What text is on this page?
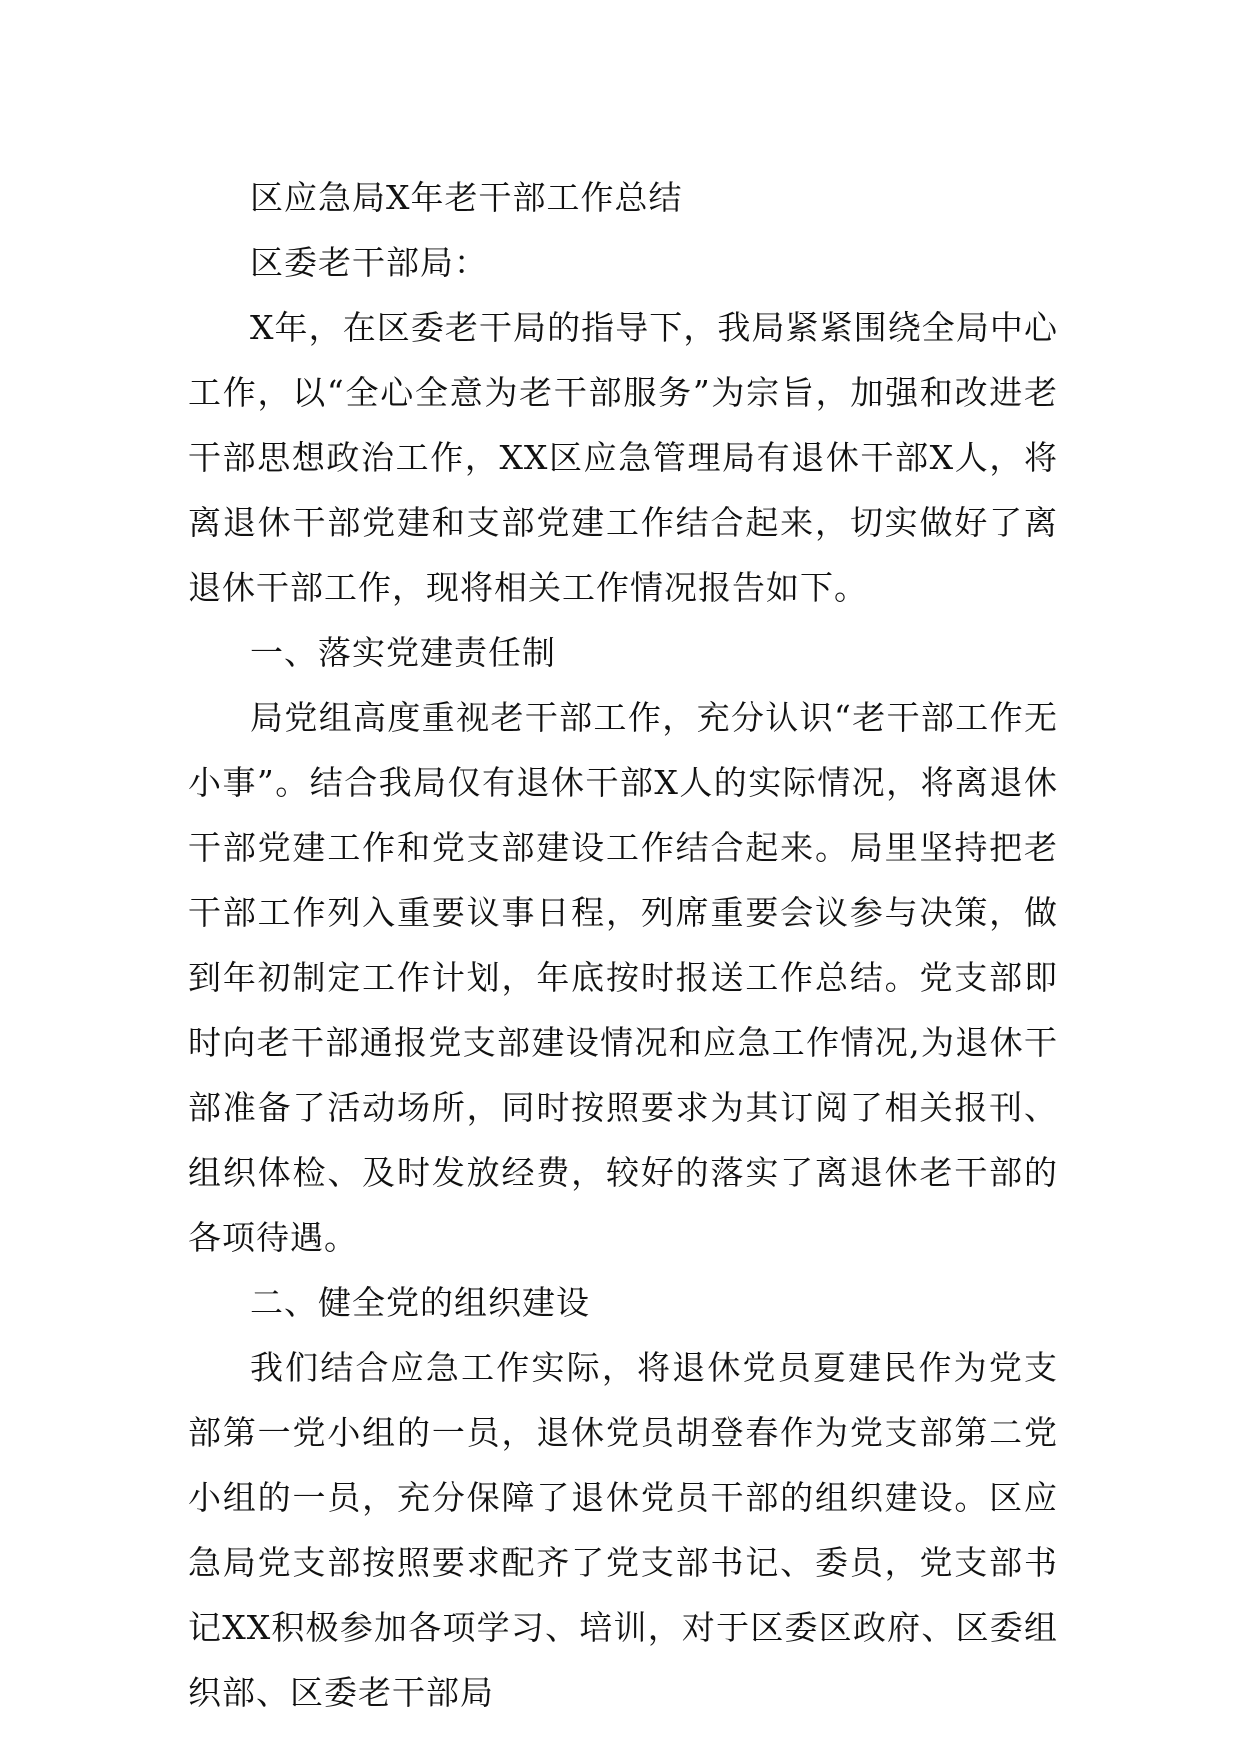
区应急局X年老干部工作总结

区委老干部局：

X年，在区委老干局的指导下，我局紧紧围绕全局中心工作，以“全心全意为老干部服务”为宗旨，加强和改进老干部思想政治工作，XX区应急管理局有退休干部X人，将离退休干部党建和支部党建工作结合起来，切实做好了离退休干部工作，现将相关工作情况报告如下。

一、落实党建责任制

局党组高度重视老干部工作，充分认识“老干部工作无小事”。结合我局仅有退休干部X人的实际情况，将离退休干部党建工作和党支部建设工作结合起来。局里坚持把老干部工作列入重要议事日程，列席重要会议参与决策，做到年初制定工作计划，年底按时报送工作总结。党支部即时向老干部通报党支部建设情况和应急工作情况,为退休干部准备了活动场所，同时按照要求为其订阅了相关报刊、组织体检、及时发放经费，较好的落实了离退休老干部的各项待遇。

二、健全党的组织建设

我们结合应急工作实际，将退休党员夏建民作为党支部第一党小组的一员，退休党员胡登春作为党支部第二党小组的一员，充分保障了退休党员干部的组织建设。区应急局党支部按照要求配齐了党支部书记、委员，党支部书记XX积极参加各项学习、培训，对于区委区政府、区委组织部、区委老干部局
